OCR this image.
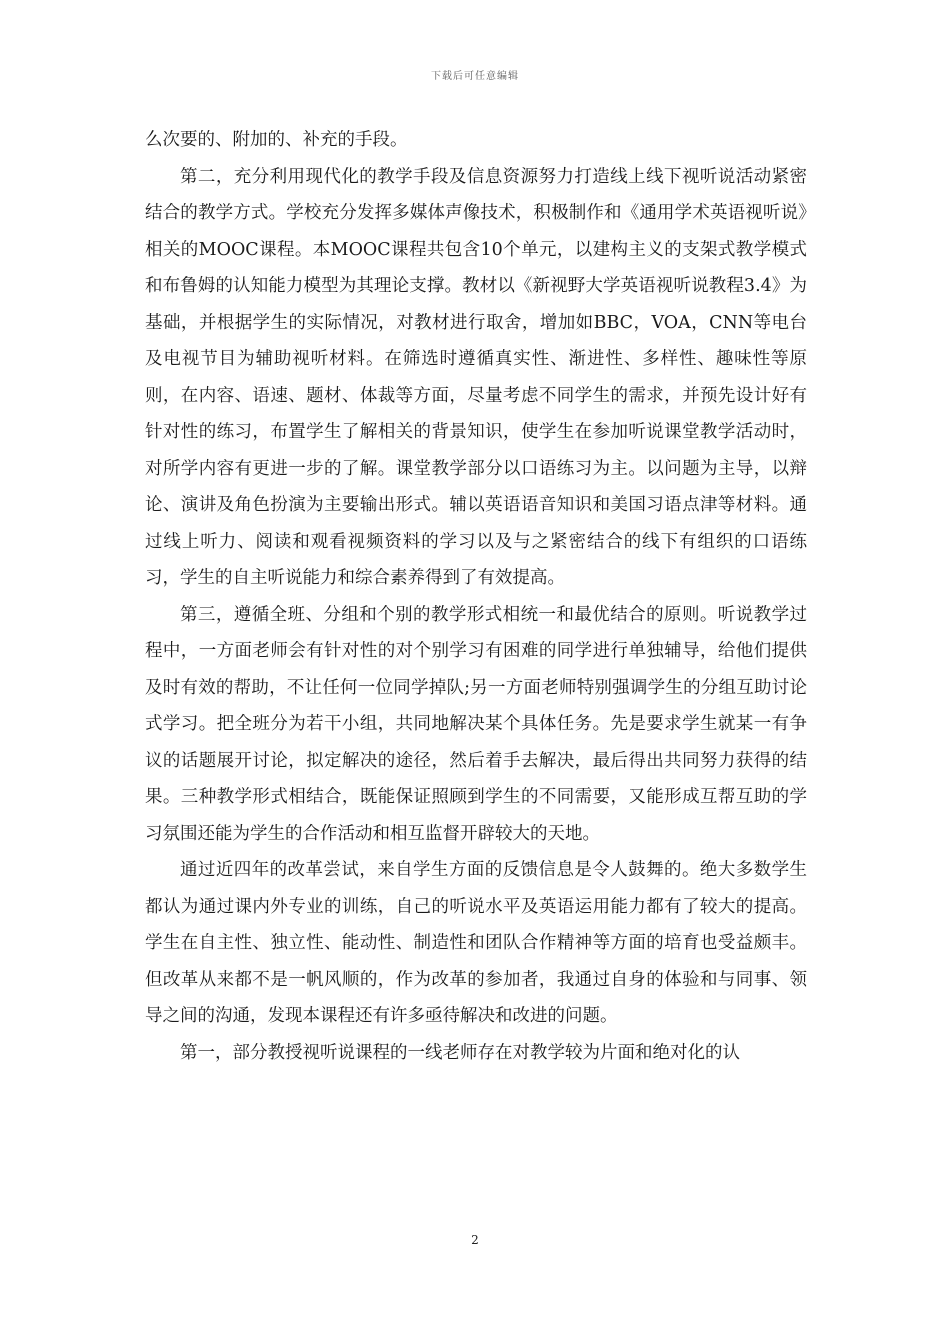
下载后可任意编辑

么次要的、附加的、补充的手段。

第二，充分利用现代化的教学手段及信息资源努力打造线上线下视听说活动紧密结合的教学方式。学校充分发挥多媒体声像技术，积极制作和《通用学术英语视听说》相关的MOOC课程。本MOOC课程共包含10个单元，以建构主义的支架式教学模式和布鲁姆的认知能力模型为其理论支撑。教材以《新视野大学英语视听说教程3.4》为基础，并根据学生的实际情况，对教材进行取舍，增加如BBC，VOA，CNN等电台及电视节目为辅助视听材料。在筛选时遵循真实性、渐进性、多样性、趣味性等原则，在内容、语速、题材、体裁等方面，尽量考虑不同学生的需求，并预先设计好有针对性的练习，布置学生了解相关的背景知识，使学生在参加听说课堂教学活动时，对所学内容有更进一步的了解。课堂教学部分以口语练习为主。以问题为主导，以辩论、演讲及角色扮演为主要输出形式。辅以英语语音知识和美国习语点津等材料。通过线上听力、阅读和观看视频资料的学习以及与之紧密结合的线下有组织的口语练习，学生的自主听说能力和综合素养得到了有效提高。

第三，遵循全班、分组和个别的教学形式相统一和最优结合的原则。听说教学过程中，一方面老师会有针对性的对个别学习有困难的同学进行单独辅导，给他们提供及时有效的帮助，不让任何一位同学掉队;另一方面老师特别强调学生的分组互助讨论式学习。把全班分为若干小组，共同地解决某个具体任务。先是要求学生就某一有争议的话题展开讨论，拟定解决的途径，然后着手去解决，最后得出共同努力获得的结果。三种教学形式相结合，既能保证照顾到学生的不同需要，又能形成互帮互助的学习氛围还能为学生的合作活动和相互监督开辟较大的天地。

通过近四年的改革尝试，来自学生方面的反馈信息是令人鼓舞的。绝大多数学生都认为通过课内外专业的训练，自己的听说水平及英语运用能力都有了较大的提高。学生在自主性、独立性、能动性、制造性和团队合作精神等方面的培育也受益颇丰。但改革从来都不是一帆风顺的，作为改革的参加者，我通过自身的体验和与同事、领导之间的沟通，发现本课程还有许多亟待解决和改进的问题。

第一，部分教授视听说课程的一线老师存在对教学较为片面和绝对化的认

2
